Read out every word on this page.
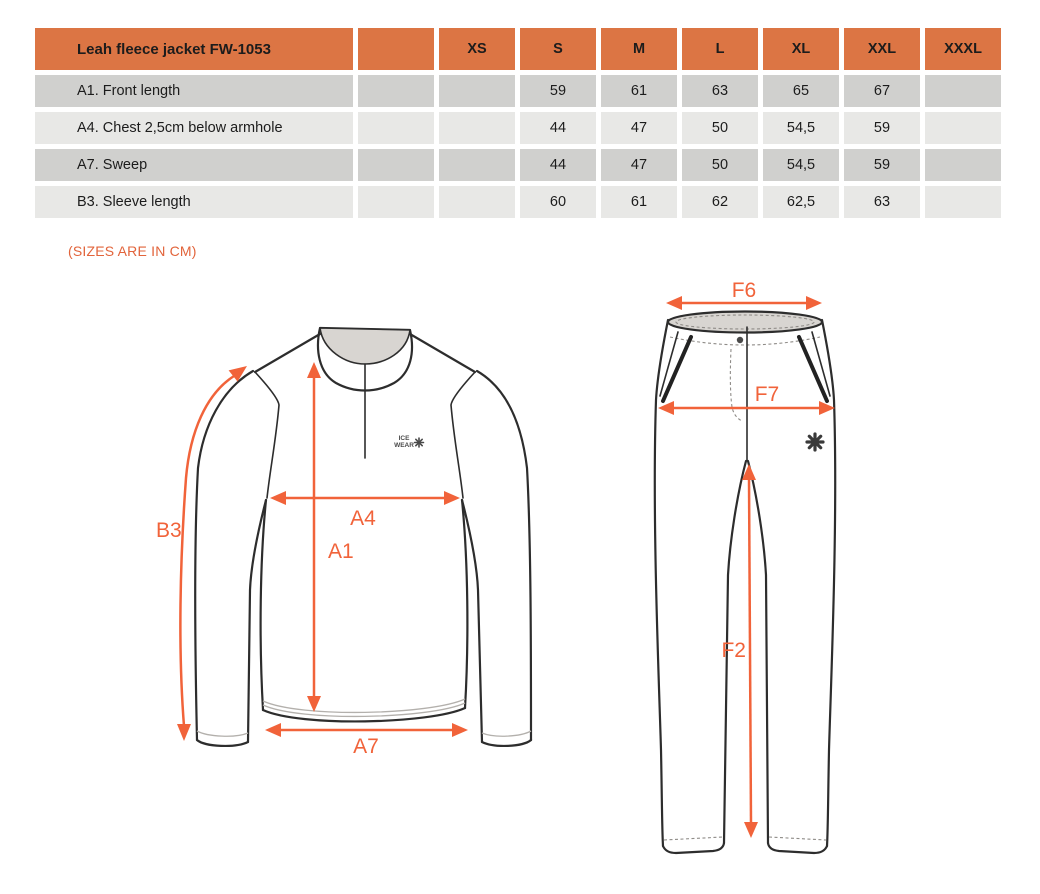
Leah fleece jacket FW-1053		XS	S	M	L	XL	XXL	XXXL
A1. Front length			59	61	63	65	67	
A4. Chest 2,5cm below armhole			44	47	50	54,5	59	
A7. Sweep			44	47	50	54,5	59	
B3. Sleeve length			60	61	62	62,5	63	
(SIZES ARE IN CM)
ICE
WEAR
B3
A1
A4
A7
F6
F7
F2
